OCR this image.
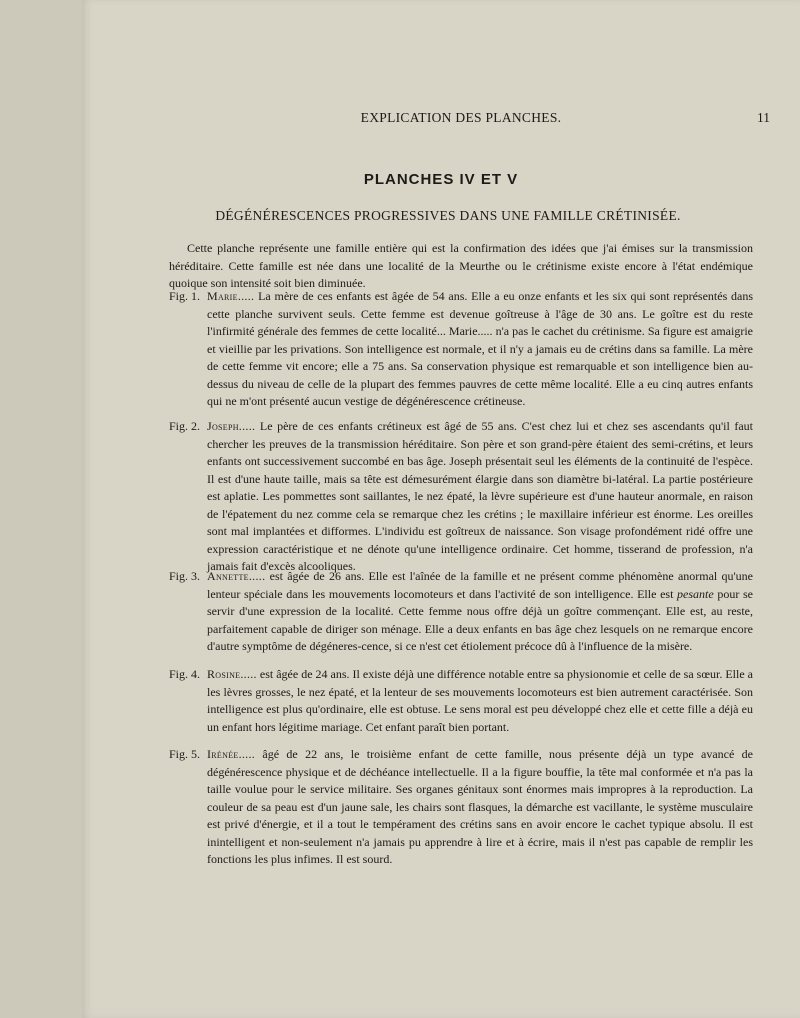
EXPLICATION DES PLANCHES.	11
PLANCHES IV ET V
DÉGÉNÉRESCENCES PROGRESSIVES DANS UNE FAMILLE CRÉTINISÉE.

Cette planche représente une famille entière qui est la confirmation des idées que j'ai émises sur la transmission héréditaire. Cette famille est née dans une localité de la Meurthe ou le crétinisme existe encore à l'état endémique quoique son intensité soit bien diminuée.

Fig. 1. Marie..... La mère de ces enfants est âgée de 54 ans. Elle a eu onze enfants et les six qui sont représentés dans cette planche survivent seuls. Cette femme est devenue goîtreuse à l'âge de 30 ans. Le goître est du reste l'infirmité générale des femmes de cette localité... Marie..... n'a pas le cachet du crétinisme. Sa figure est amaigrie et vieillie par les privations. Son intelligence est normale, et il n'y a jamais eu de crétins dans sa famille. La mère de cette femme vit encore; elle a 75 ans. Sa conservation physique est remarquable et son intelligence bien au-dessus du niveau de celle de la plupart des femmes pauvres de cette même localité. Elle a eu cinq autres enfants qui ne m'ont présenté aucun vestige de dégénérescence crétineuse.
Fig. 2. Joseph..... Le père de ces enfants crétineux est âgé de 55 ans. C'est chez lui et chez ses ascendants qu'il faut chercher les preuves de la transmission héréditaire. Son père et son grand-père étaient des semi-crétins, et leurs enfants ont successivement succombé en bas âge. Joseph présentait seul les éléments de la continuité de l'espèce. Il est d'une haute taille, mais sa tête est démesurément élargie dans son diamètre bi-latéral. La partie postérieure est aplatie. Les pommettes sont saillantes, le nez épaté, la lèvre supérieure est d'une hauteur anormale, en raison de l'épatement du nez comme cela se remarque chez les crétins ; le maxillaire inférieur est énorme. Les oreilles sont mal implantées et difformes. L'individu est goîtreux de naissance. Son visage profondément ridé offre une expression caractéristique et ne dénote qu'une intelligence ordinaire. Cet homme, tisserand de profession, n'a jamais fait d'excès alcooliques.
Fig. 3. Annette..... est âgée de 26 ans. Elle est l'aînée de la famille et ne présent comme phénomène anormal qu'une lenteur spéciale dans les mouvements locomoteurs et dans l'activité de son intelligence. Elle est pesante pour se servir d'une expression de la localité. Cette femme nous offre déjà un goître commençant. Elle est, au reste, parfaitement capable de diriger son ménage. Elle a deux enfants en bas âge chez lesquels on ne remarque encore d'autre symptôme de dégéneres-cence, si ce n'est cet étiolement précoce dû à l'influence de la misère.
Fig. 4. Rosine..... est âgée de 24 ans. Il existe déjà une différence notable entre sa physionomie et celle de sa sœur. Elle a les lèvres grosses, le nez épaté, et la lenteur de ses mouvements locomoteurs est bien autrement caractérisée. Son intelligence est plus qu'ordinaire, elle est obtuse. Le sens moral est peu développé chez elle et cette fille a déjà eu un enfant hors légitime mariage. Cet enfant paraît bien portant.
Fig. 5. Irénée..... âgé de 22 ans, le troisième enfant de cette famille, nous présente déjà un type avancé de dégénérescence physique et de déchéance intellectuelle. Il a la figure bouffie, la tête mal conformée et n'a pas la taille voulue pour le service militaire. Ses organes génitaux sont énormes mais impropres à la reproduction. La couleur de sa peau est d'un jaune sale, les chairs sont flasques, la démarche est vacillante, le système musculaire est privé d'énergie, et il a tout le tempérament des crétins sans en avoir encore le cachet typique absolu. Il est inintelligent et non-seulement n'a jamais pu apprendre à lire et à écrire, mais il n'est pas capable de remplir les fonctions les plus infimes. Il est sourd.
